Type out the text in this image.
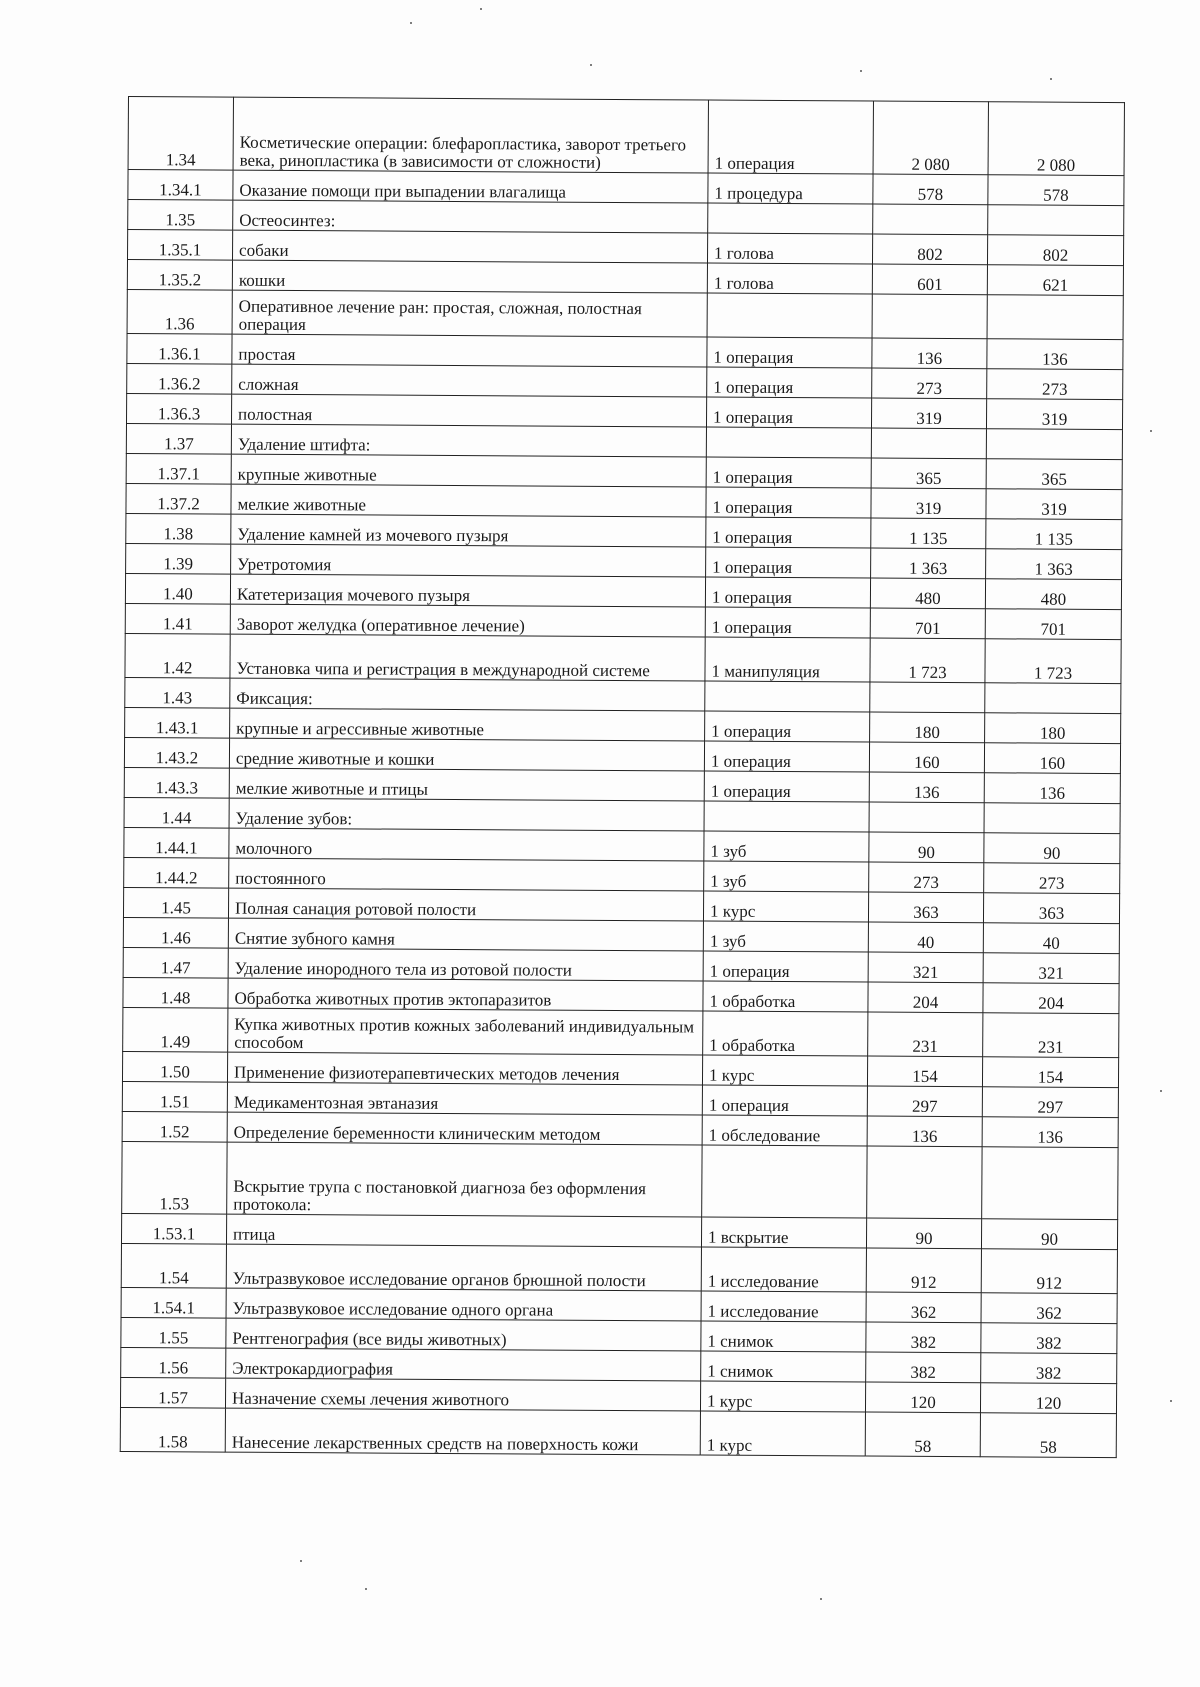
1.34	Косметические операции: блефаропластика, заворот третьего века, ринопластика (в зависимости от сложности)	1 операция	2 080	2 080
1.34.1	Оказание помощи при выпадении влагалища	1 процедура	578	578
1.35	Остеосинтез:			
1.35.1	собаки	1 голова	802	802
1.35.2	кошки	1 голова	601	621
1.36	Оперативное лечение ран: простая, сложная, полостная операция			
1.36.1	простая	1 операция	136	136
1.36.2	сложная	1 операция	273	273
1.36.3	полостная	1 операция	319	319
1.37	Удаление штифта:			
1.37.1	крупные животные	1 операция	365	365
1.37.2	мелкие животные	1 операция	319	319
1.38	Удаление камней из мочевого пузыря	1 операция	1 135	1 135
1.39	Уретротомия	1 операция	1 363	1 363
1.40	Катетеризация мочевого пузыря	1 операция	480	480
1.41	Заворот желудка (оперативное лечение)	1 операция	701	701
1.42	Установка чипа и регистрация в международной системе	1 манипуляция	1 723	1 723
1.43	Фиксация:			
1.43.1	крупные и агрессивные животные	1 операция	180	180
1.43.2	средние животные и кошки	1 операция	160	160
1.43.3	мелкие животные и птицы	1 операция	136	136
1.44	Удаление зубов:			
1.44.1	молочного	1 зуб	90	90
1.44.2	постоянного	1 зуб	273	273
1.45	Полная санация ротовой полости	1 курс	363	363
1.46	Снятие зубного камня	1 зуб	40	40
1.47	Удаление инородного тела из ротовой полости	1 операция	321	321
1.48	Обработка животных против эктопаразитов	1 обработка	204	204
1.49	Купка животных против кожных заболеваний индивидуальным способом	1 обработка	231	231
1.50	Применение физиотерапевтических методов лечения	1 курс	154	154
1.51	Медикаментозная эвтаназия	1 операция	297	297
1.52	Определение беременности клиническим методом	1 обследование	136	136
1.53	Вскрытие трупа с постановкой диагноза без оформления протокола:			
1.53.1	птица	1 вскрытие	90	90
1.54	Ультразвуковое исследование органов брюшной полости	1 исследование	912	912
1.54.1	Ультразвуковое исследование одного органа	1 исследование	362	362
1.55	Рентгенография (все виды животных)	1 снимок	382	382
1.56	Электрокардиография	1 снимок	382	382
1.57	Назначение схемы лечения животного	1 курс	120	120
1.58	Нанесение лекарственных средств на поверхность кожи	1 курс	58	58
